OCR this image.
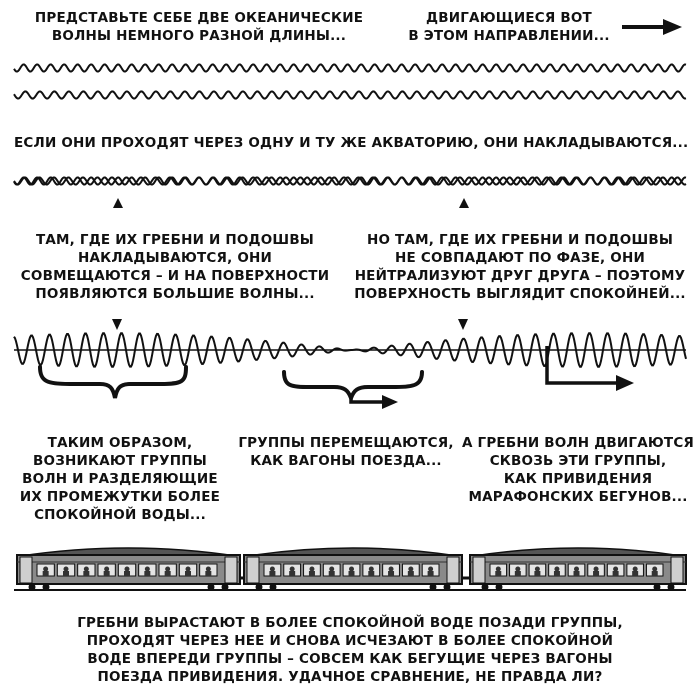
ПРЕДСТАВЬТЕ СЕБЕ ДВЕ ОКЕАНИЧЕСКИЕ
ВОЛНЫ НЕМНОГО РАЗНОЙ ДЛИНЫ...
ДВИГАЮЩИЕСЯ ВОТ
В ЭТОМ НАПРАВЛЕНИИ...
ЕСЛИ ОНИ ПРОХОДЯТ ЧЕРЕЗ ОДНУ И ТУ ЖЕ АКВАТОРИЮ, ОНИ НАКЛАДЫВАЮТСЯ...
ТАМ, ГДЕ ИХ ГРЕБНИ И ПОДОШВЫ
НАКЛАДЫВАЮТСЯ, ОНИ
СОВМЕЩАЮТСЯ – И НА ПОВЕРХНОСТИ
ПОЯВЛЯЮТСЯ БОЛЬШИЕ ВОЛНЫ...
НО ТАМ, ГДЕ ИХ ГРЕБНИ И ПОДОШВЫ
НЕ СОВПАДАЮТ ПО ФАЗЕ, ОНИ
НЕЙТРАЛИЗУЮТ ДРУГ ДРУГА – ПОЭТОМУ
ПОВЕРХНОСТЬ ВЫГЛЯДИТ СПОКОЙНЕЙ...
ТАКИМ ОБРАЗОМ,
ВОЗНИКАЮТ ГРУППЫ
ВОЛН И РАЗДЕЛЯЮЩИЕ
ИХ ПРОМЕЖУТКИ БОЛЕЕ
СПОКОЙНОЙ ВОДЫ...
ГРУППЫ ПЕРЕМЕЩАЮТСЯ,
КАК ВАГОНЫ ПОЕЗДА...
А ГРЕБНИ ВОЛН ДВИГАЮТСЯ
СКВОЗЬ ЭТИ ГРУППЫ,
КАК ПРИВИДЕНИЯ
МАРАФОНСКИХ БЕГУНОВ...
ГРЕБНИ ВЫРАСТАЮТ В БОЛЕЕ СПОКОЙНОЙ ВОДЕ ПОЗАДИ ГРУППЫ,
ПРОХОДЯТ ЧЕРЕЗ НЕЕ И СНОВА ИСЧЕЗАЮТ В БОЛЕЕ СПОКОЙНОЙ
ВОДЕ ВПЕРЕДИ ГРУППЫ – СОВСЕМ КАК БЕГУЩИЕ ЧЕРЕЗ ВАГОНЫ
ПОЕЗДА ПРИВИДЕНИЯ. УДАЧНОЕ СРАВНЕНИЕ, НЕ ПРАВДА ЛИ?
